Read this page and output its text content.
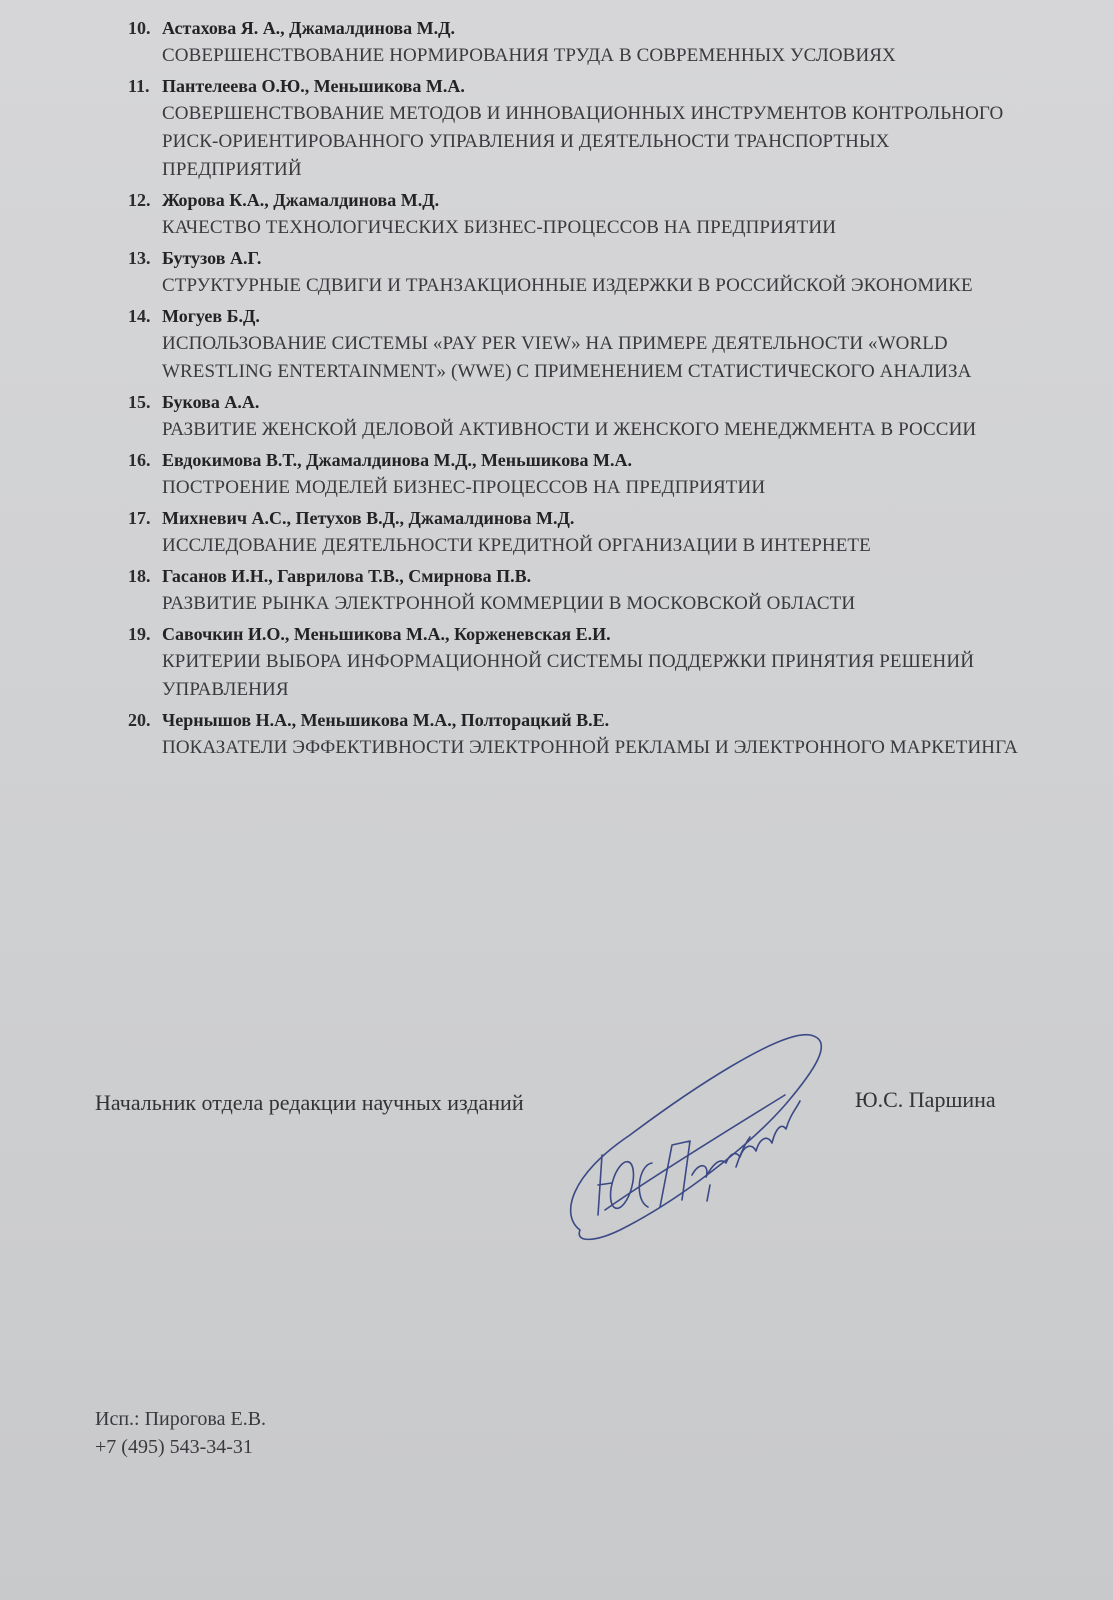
10. Астахова Я. А., Джамалдинова М.Д.
СОВЕРШЕНСТВОВАНИЕ НОРМИРОВАНИЯ ТРУДА В СОВРЕМЕННЫХ УСЛОВИЯХ
11. Пантелеева О.Ю., Меньшикова М.А.
СОВЕРШЕНСТВОВАНИЕ МЕТОДОВ И ИННОВАЦИОННЫХ ИНСТРУМЕНТОВ КОНТРОЛЬНОГО РИСК-ОРИЕНТИРОВАННОГО УПРАВЛЕНИЯ И ДЕЯТЕЛЬНОСТИ ТРАНСПОРТНЫХ ПРЕДПРИЯТИЙ
12. Жорова К.А., Джамалдинова М.Д.
КАЧЕСТВО ТЕХНОЛОГИЧЕСКИХ БИЗНЕС-ПРОЦЕССОВ НА ПРЕДПРИЯТИИ
13. Бутузов А.Г.
СТРУКТУРНЫЕ СДВИГИ И ТРАНЗАКЦИОННЫЕ ИЗДЕРЖКИ В РОССИЙСКОЙ ЭКОНОМИКЕ
14. Могуев Б.Д.
ИСПОЛЬЗОВАНИЕ СИСТЕМЫ «PAY PER VIEW» НА ПРИМЕРЕ ДЕЯТЕЛЬНОСТИ «WORLD WRESTLING ENTERTAINMENT» (WWE) С ПРИМЕНЕНИЕМ СТАТИСТИЧЕСКОГО АНАЛИЗА
15. Букова А.А.
РАЗВИТИЕ ЖЕНСКОЙ ДЕЛОВОЙ АКТИВНОСТИ И ЖЕНСКОГО МЕНЕДЖМЕНТА В РОССИИ
16. Евдокимова В.Т., Джамалдинова М.Д., Меньшикова М.А.
ПОСТРОЕНИЕ МОДЕЛЕЙ БИЗНЕС-ПРОЦЕССОВ НА ПРЕДПРИЯТИИ
17. Михневич А.С., Петухов В.Д., Джамалдинова М.Д.
ИССЛЕДОВАНИЕ ДЕЯТЕЛЬНОСТИ КРЕДИТНОЙ ОРГАНИЗАЦИИ В ИНТЕРНЕТЕ
18. Гасанов И.Н., Гаврилова Т.В., Смирнова П.В.
РАЗВИТИЕ РЫНКА ЭЛЕКТРОННОЙ КОММЕРЦИИ В МОСКОВСКОЙ ОБЛАСТИ
19. Савочкин И.О., Меньшикова М.А., Корженевская Е.И.
КРИТЕРИИ ВЫБОРА ИНФОРМАЦИОННОЙ СИСТЕМЫ ПОДДЕРЖКИ ПРИНЯТИЯ РЕШЕНИЙ УПРАВЛЕНИЯ
20. Чернышов Н.А., Меньшикова М.А., Полторацкий В.Е.
ПОКАЗАТЕЛИ ЭФФЕКТИВНОСТИ ЭЛЕКТРОННОЙ РЕКЛАМЫ И ЭЛЕКТРОННОГО МАРКЕТИНГА
Начальник отдела редакции научных изданий	Ю.С. Паршина
Исп.: Пирогова Е.В.
+7 (495) 543-34-31
